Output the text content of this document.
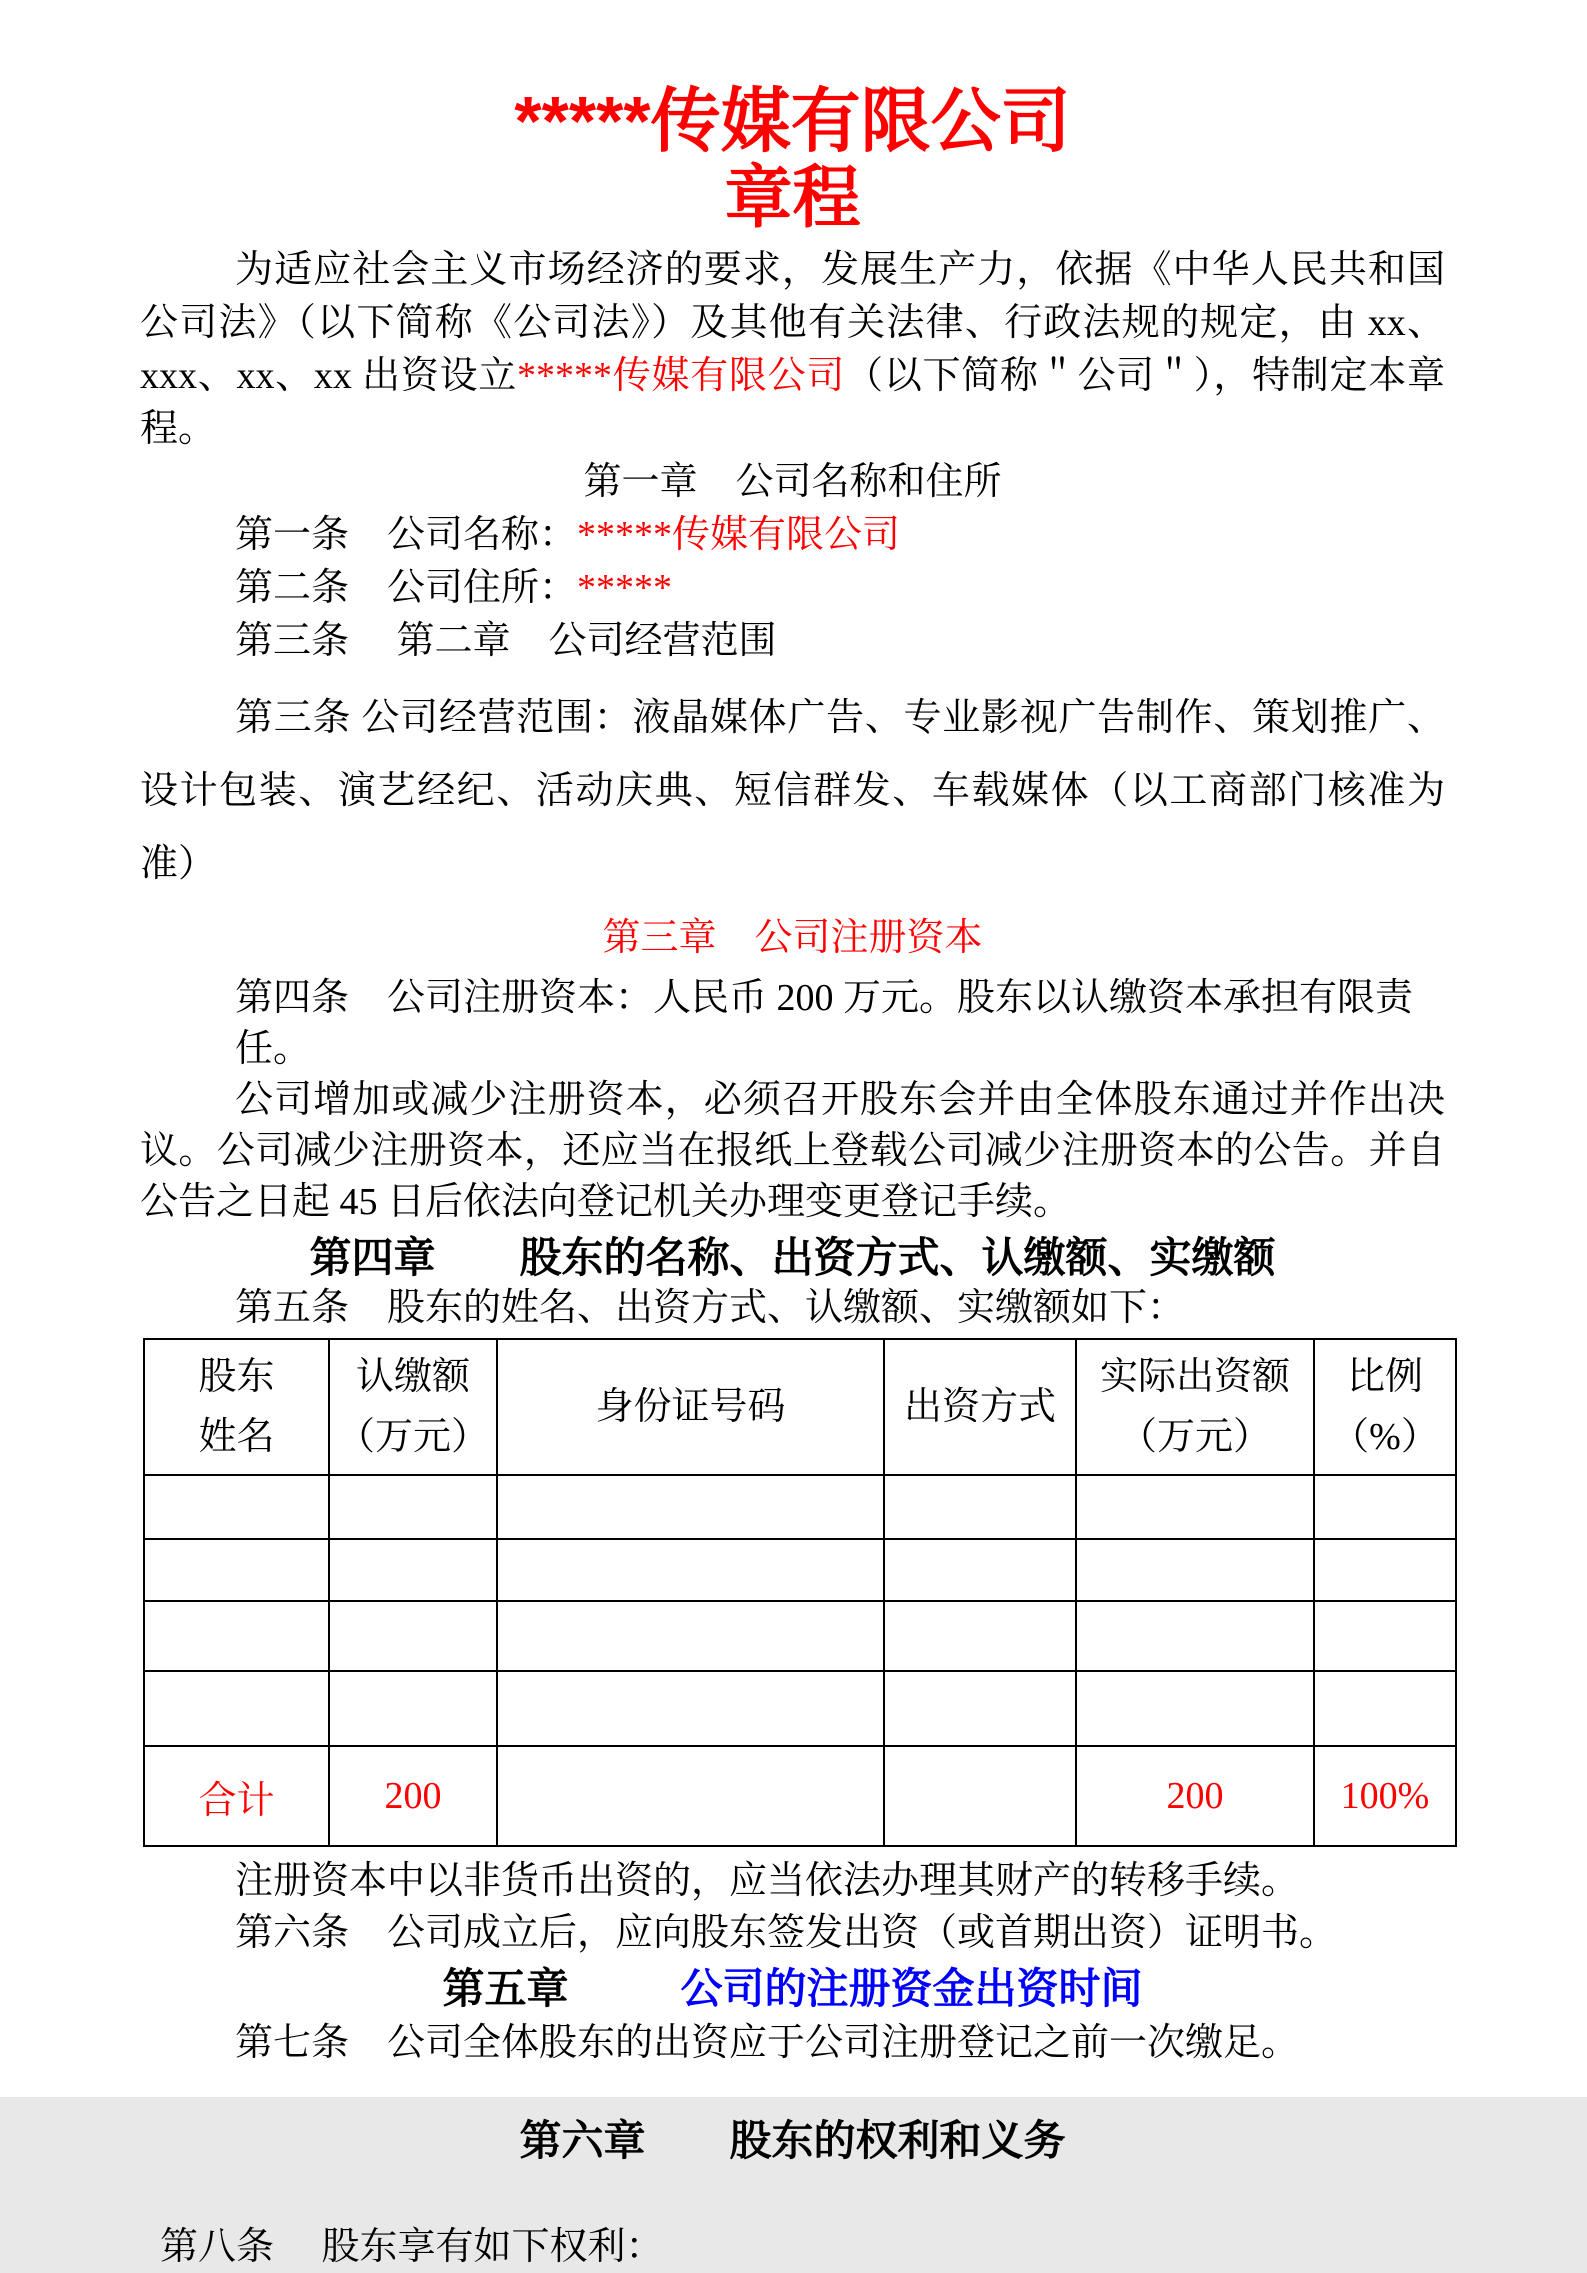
*****传媒有限公司
章程

为适应社会主义市场经济的要求，发展生产力，依据《中华人民共和国公司法》（以下简称《公司法》）及其他有关法律、行政法规的规定，由 xx、xxx、xx、xx 出资设立*****传媒有限公司（以下简称＂公司＂），特制定本章程。

第一章　公司名称和住所

第一条　 公司名称：*****传媒有限公司

第二条　 公司住所：*****

第三条　 第二章　公司经营范围

第三条 公司经营范围：液晶媒体广告、专业影视广告制作、策划推广、设计包装、演艺经纪、活动庆典、短信群发、车载媒体（以工商部门核准为准）

第三章　公司注册资本

第四条　公司注册资本：人民币 200 万元。股东以认缴资本承担有限责任。

公司增加或减少注册资本，必须召开股东会并由全体股东通过并作出决议。公司减少注册资本，还应当在报纸上登载公司减少注册资本的公告。并自公告之日起 45 日后依法向登记机关办理变更登记手续。

第四章 股东的名称、出资方式、认缴额、实缴额

第五条　股东的姓名、出资方式、认缴额、实缴额如下：

股东
姓名	认缴额
（万元）	身份证号码	出资方式	实际出资额
（万元）	比例
（%）

合计	200			200	100%

注册资本中以非货币出资的，应当依法办理其财产的转移手续。

第六条　公司成立后，应向股东签发出资（或首期出资）证明书。

第五章	公司的注册资金出资时间

第七条　公司全体股东的出资应于公司注册登记之前一次缴足。

第六章 股东的权利和义务

第八条　 股东享有如下权利：
